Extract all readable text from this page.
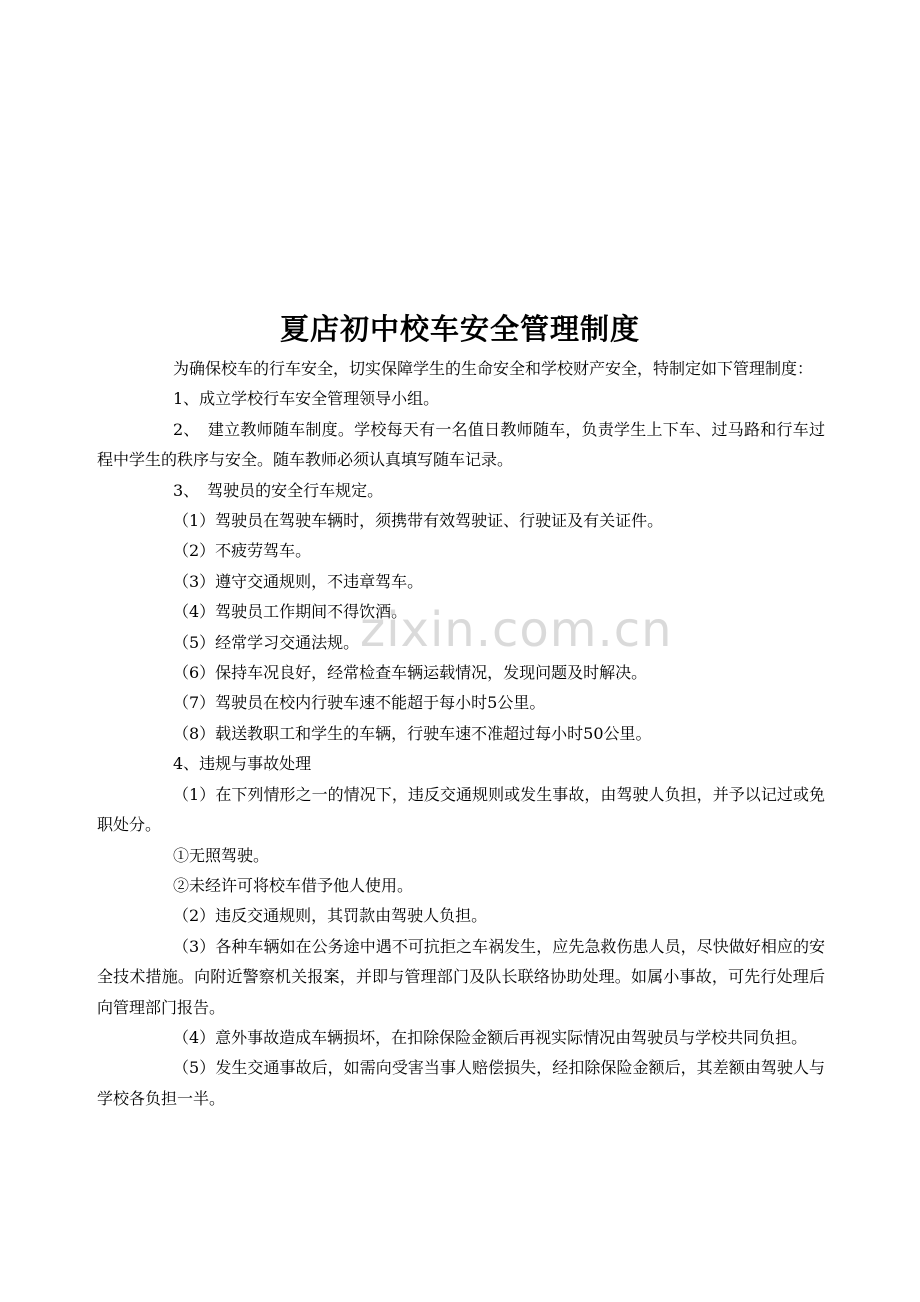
夏店初中校车安全管理制度

为确保校车的行车安全，切实保障学生的生命安全和学校财产安全，特制定如下管理制度：

1、成立学校行车安全管理领导小组。

2、　建立教师随车制度。学校每天有一名值日教师随车，负责学生上下车、过马路和行车过程中学生的秩序与安全。随车教师必须认真填写随车记录。

3、　驾驶员的安全行车规定。

（1）驾驶员在驾驶车辆时，须携带有效驾驶证、行驶证及有关证件。

（2）不疲劳驾车。

（3）遵守交通规则，不违章驾车。

（4）驾驶员工作期间不得饮酒。

（5）经常学习交通法规。

（6）保持车况良好，经常检查车辆运载情况，发现问题及时解决。

（7）驾驶员在校内行驶车速不能超于每小时5公里。

（8）载送教职工和学生的车辆，行驶车速不准超过每小时50公里。

4、违规与事故处理

（1）在下列情形之一的情况下，违反交通规则或发生事故，由驾驶人负担，并予以记过或免职处分。

①无照驾驶。

②未经许可将校车借予他人使用。

（2）违反交通规则，其罚款由驾驶人负担。

（3）各种车辆如在公务途中遇不可抗拒之车祸发生，应先急救伤患人员，尽快做好相应的安全技术措施。向附近警察机关报案，并即与管理部门及队长联络协助处理。如属小事故，可先行处理后向管理部门报告。

（4）意外事故造成车辆损坏，在扣除保险金额后再视实际情况由驾驶员与学校共同负担。

（5）发生交通事故后，如需向受害当事人赔偿损失，经扣除保险金额后，其差额由驾驶人与学校各负担一半。

zixin.com.cn
